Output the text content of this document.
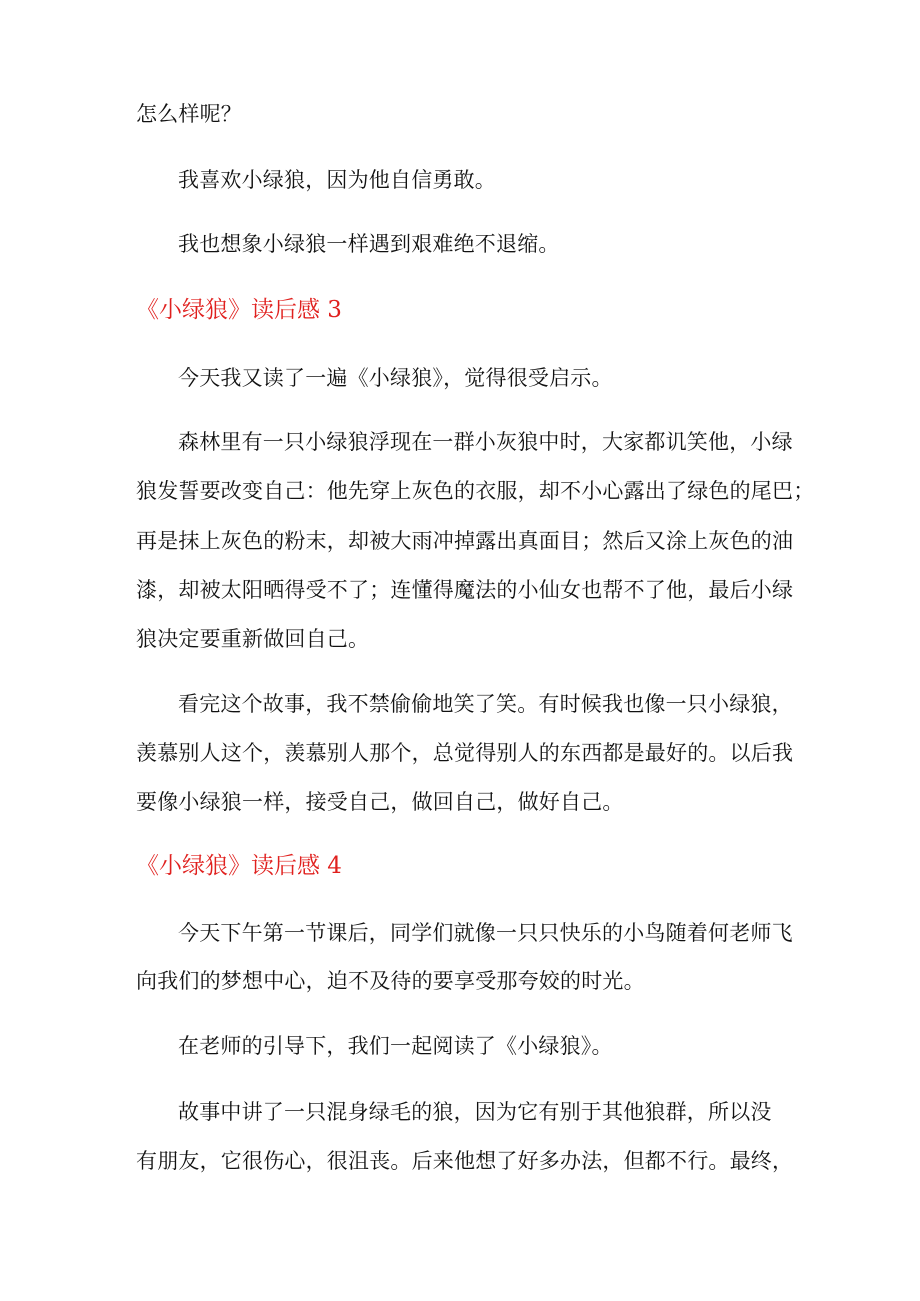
怎么样呢？
我喜欢小绿狼，因为他自信勇敢。
我也想象小绿狼一样遇到艰难绝不退缩。
《小绿狼》读后感 3
今天我又读了一遍《小绿狼》，觉得很受启示。
森林里有一只小绿狼浮现在一群小灰狼中时，大家都讥笑他，小绿
狼发誓要改变自己：他先穿上灰色的衣服，却不小心露出了绿色的尾巴；
再是抹上灰色的粉末，却被大雨冲掉露出真面目；然后又涂上灰色的油
漆，却被太阳晒得受不了；连懂得魔法的小仙女也帮不了他，最后小绿
狼决定要重新做回自己。
看完这个故事，我不禁偷偷地笑了笑。有时候我也像一只小绿狼，
羡慕别人这个，羡慕别人那个，总觉得别人的东西都是最好的。以后我
要像小绿狼一样，接受自己，做回自己，做好自己。
《小绿狼》读后感 4
今天下午第一节课后，同学们就像一只只快乐的小鸟随着何老师飞
向我们的梦想中心，迫不及待的要享受那夸姣的时光。
在老师的引导下，我们一起阅读了《小绿狼》。
故事中讲了一只混身绿毛的狼，因为它有别于其他狼群，所以没
有朋友，它很伤心，很沮丧。后来他想了好多办法，但都不行。最终，
